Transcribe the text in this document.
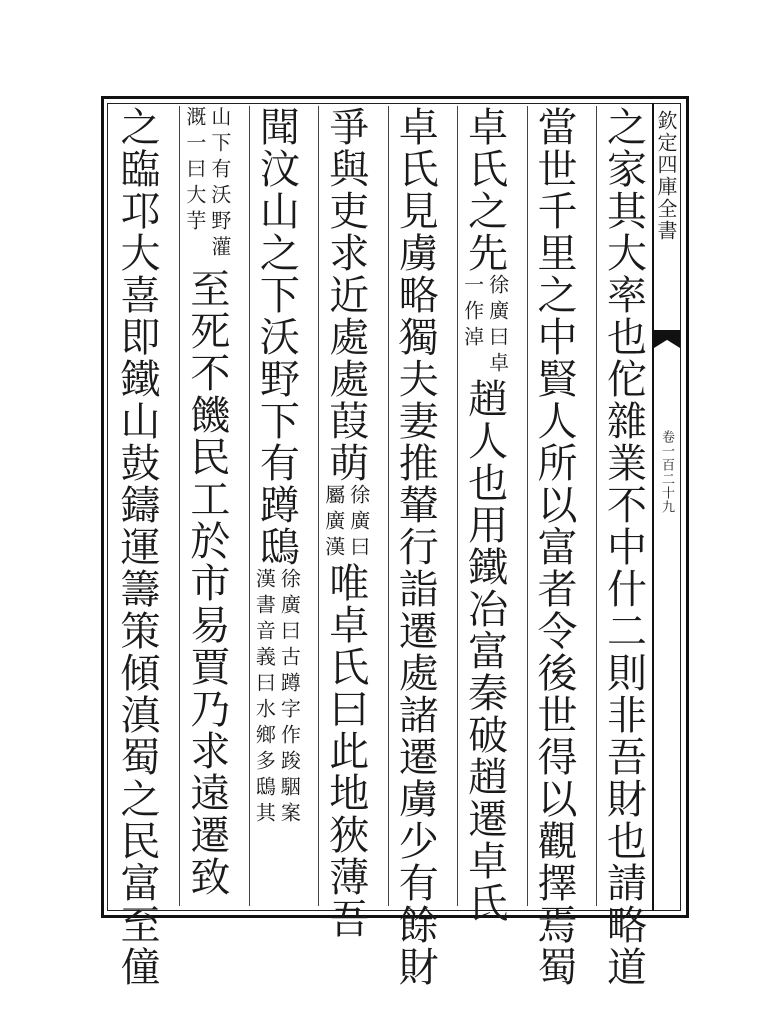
欽定四庫全書
卷一百二十九
之家其大率也佗雜業不中什二則非吾財也請略道
當世千里之中賢人所以富者令後世得以觀擇焉蜀
卓氏之先
徐廣曰卓
一作淖
趙人也用鐵冶富秦破趙遷卓氏
卓氏見虜略獨夫妻推輦行詣遷處諸遷虜少有餘財
爭與吏求近處處葭萌
徐廣曰
屬廣漢
唯卓氏曰此地狹薄吾
聞汶山之下沃野下有蹲鴟
徐廣曰古蹲字作踆駰案
漢書音義曰水鄉多鴟其
山下有沃野灌
溉一曰大芋
至死不饑民工於市易賈乃求遠遷致
之臨邛大喜即鐵山鼓鑄運籌策傾滇蜀之民富至僮
